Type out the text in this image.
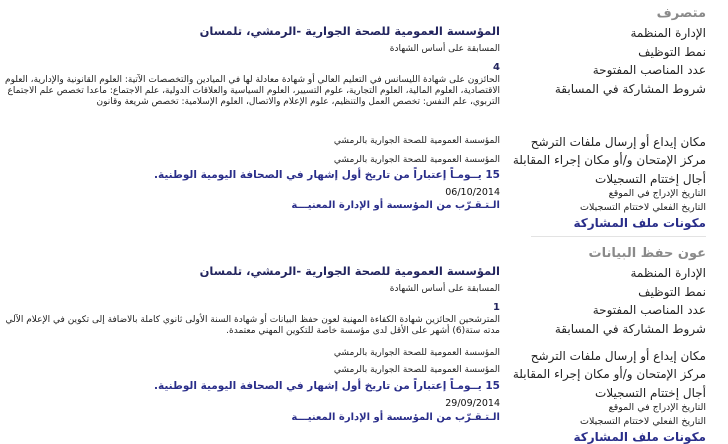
متصرف
الإدارة المنظمة
المؤسسة العمومية للصحة الجوارية -الرمشي، تلمسان
نمط التوظيف
المسابقة على أساس الشهادة
عدد المناصب المفتوحة
4
شروط المشاركة في المسابقة
الحائزون على شهادة الليسانس في التعليم العالي أو شهادة معادلة لها في الميادين والتخصصات الآتية: العلوم القانونية والإدارية، العلوم الاقتصادية، العلوم المالية، العلوم التجارية، علوم التسيير، العلوم السياسية والعلاقات الدولية، علم الاجتماع: ماعدا تخصص علم الاجتماع التربوي، علم النفس: تخصص العمل والتنظيم، علوم الإعلام والاتصال، العلوم الإسلامية: تخصص شريعة وقانون
مكان إيداع أو إرسال ملفات الترشح
المؤسسة العمومية للصحة الجوارية بالرمشي
مركز الإمتحان و/أو مكان إجراء المقابلة
المؤسسة العمومية للصحة الجوارية بالرمشي
أجال إختتام التسجيلات
15 يــومـاً إعتباراً من تاريخ أول إشهار في الصحافة اليومية الوطنية.
التاريخ الإدراج في الموقع
06/10/2014
التاريخ الفعلي لاختتام التسجيلات
الـتـقـرّب من المؤسسة أو الإدارة المعنيـــة
مكونات ملف المشاركة
عون حفظ البيانات
الإدارة المنظمة
المؤسسة العمومية للصحة الجوارية -الرمشي، تلمسان
نمط التوظيف
المسابقة على أساس الشهادة
عدد المناصب المفتوحة
1
شروط المشاركة في المسابقة
المترشحين الحائزين شهادة الكفاءة المهنية لعون حفظ البيانات أو شهادة السنة الأولى ثانوي كاملة بالاضافة إلى تكوين في الإعلام الآلي مدته ستة(6) أشهر على الأقل لدى مؤسسة خاصة للتكوين المهني معتمدة.
مكان إيداع أو إرسال ملفات الترشح
المؤسسة العمومية للصحة الجوارية بالرمشي
مركز الإمتحان و/أو مكان إجراء المقابلة
المؤسسة العمومية للصحة الجوارية بالرمشي
أجال إختتام التسجيلات
15 يــومـاً إعتباراً من تاريخ أول إشهار في الصحافة اليومية الوطنية.
التاريخ الإدراج في الموقع
29/09/2014
التاريخ الفعلي لاختتام التسجيلات
الـتـقـرّب من المؤسسة أو الإدارة المعنيـــة
مكونات ملف المشاركة
